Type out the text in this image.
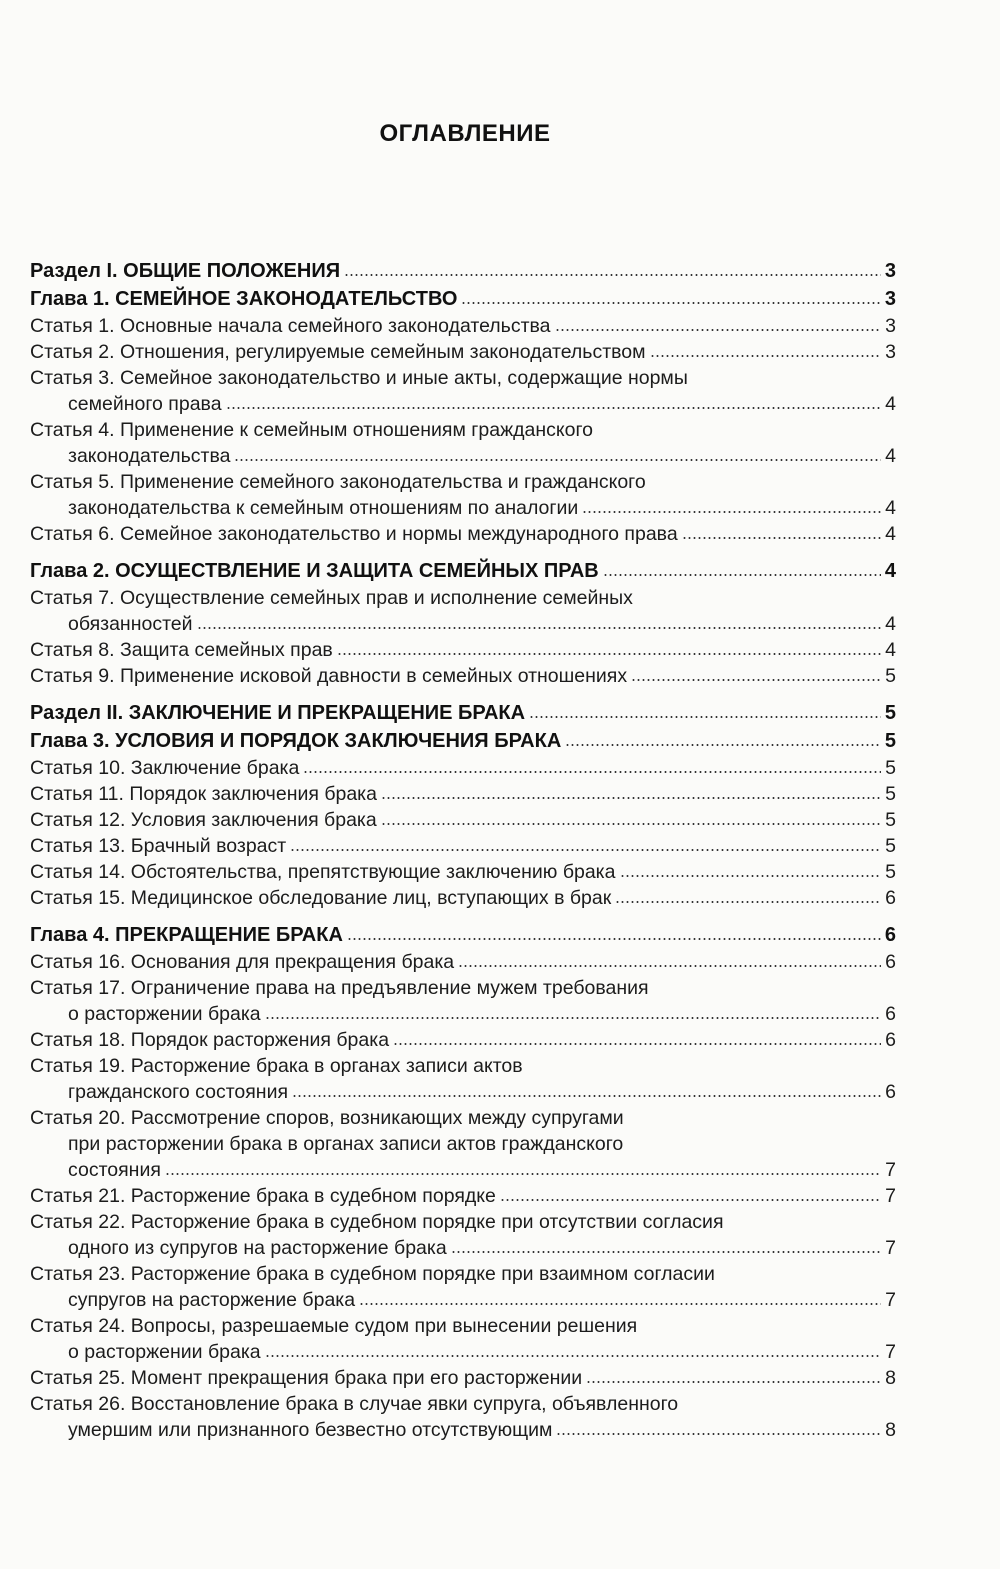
ОГЛАВЛЕНИЕ
Раздел I. ОБЩИЕ ПОЛОЖЕНИЯ	3
Глава 1. СЕМЕЙНОЕ ЗАКОНОДАТЕЛЬСТВО	3
Статья 1. Основные начала семейного законодательства	3
Статья 2. Отношения, регулируемые семейным законодательством	3
Статья 3. Семейное законодательство и иные акты, содержащие нормы
семейного права	4
Статья 4. Применение к семейным отношениям гражданского
законодательства	4
Статья 5. Применение семейного законодательства и гражданского
законодательства к семейным отношениям по аналогии	4
Статья 6. Семейное законодательство и нормы международного права	4
Глава 2. ОСУЩЕСТВЛЕНИЕ И ЗАЩИТА СЕМЕЙНЫХ ПРАВ	4
Статья 7. Осуществление семейных прав и исполнение семейных
обязанностей	4
Статья 8. Защита семейных прав	4
Статья 9. Применение исковой давности в семейных отношениях	5
Раздел II. ЗАКЛЮЧЕНИЕ И ПРЕКРАЩЕНИЕ БРАКА	5
Глава 3. УСЛОВИЯ И ПОРЯДОК ЗАКЛЮЧЕНИЯ БРАКА	5
Статья 10. Заключение брака	5
Статья 11. Порядок заключения брака	5
Статья 12. Условия заключения брака	5
Статья 13. Брачный возраст	5
Статья 14. Обстоятельства, препятствующие заключению брака	5
Статья 15. Медицинское обследование лиц, вступающих в брак	6
Глава 4. ПРЕКРАЩЕНИЕ БРАКА	6
Статья 16. Основания для прекращения брака	6
Статья 17. Ограничение права на предъявление мужем требования
о расторжении брака	6
Статья 18. Порядок расторжения брака	6
Статья 19. Расторжение брака в органах записи актов
гражданского состояния	6
Статья 20. Рассмотрение споров, возникающих между супругами
при расторжении брака в органах записи актов гражданского
состояния	7
Статья 21. Расторжение брака в судебном порядке	7
Статья 22. Расторжение брака в судебном порядке при отсутствии согласия
одного из супругов на расторжение брака	7
Статья 23. Расторжение брака в судебном порядке при взаимном согласии
супругов на расторжение брака	7
Статья 24. Вопросы, разрешаемые судом при вынесении решения
о расторжении брака	7
Статья 25. Момент прекращения брака при его расторжении	8
Статья 26. Восстановление брака в случае явки супруга, объявленного
умершим или признанного безвестно отсутствующим	8
